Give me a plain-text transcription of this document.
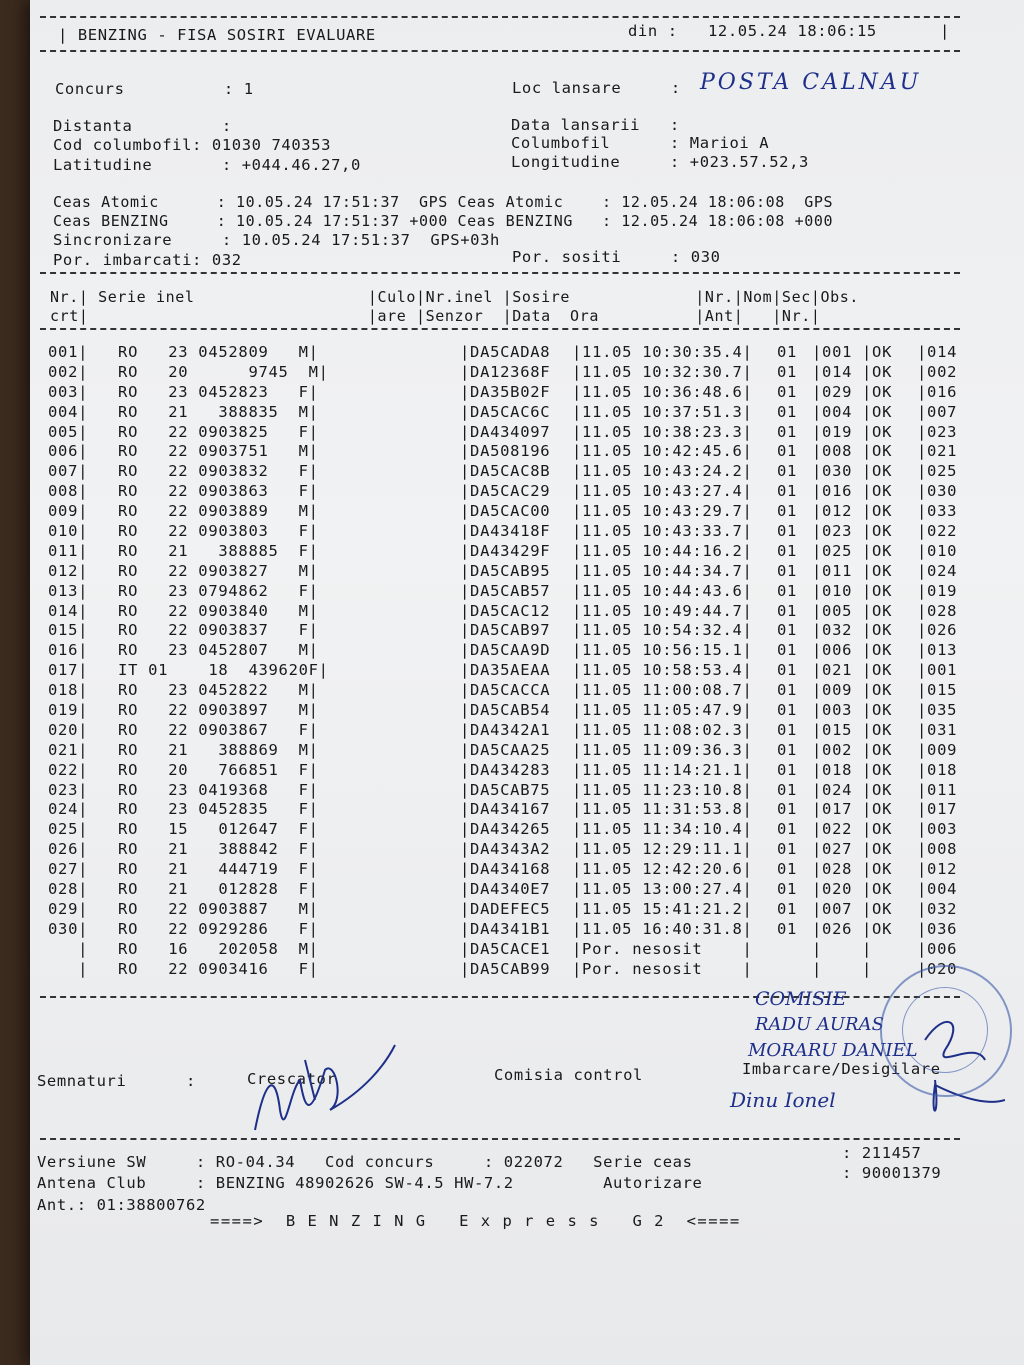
| BENZING - FISA SOSIRI EVALUARE	din : 12.05.24 18:06:15	|
Concurs          : 1	Loc lansare     : POSTA CALNAU
Distanta         :	Data lansarii   :
Cod columbofil: 01030 740353	Columbofil      : Marioi A
Latitudine       : +044.46.27,0	Longitudine     : +023.57.52,3
Ceas Atomic      : 10.05.24 17:51:37  GPS Ceas Atomic    : 12.05.24 18:06:08  GPS
Ceas BENZING     : 10.05.24 17:51:37 +000 Ceas BENZING   : 12.05.24 18:06:08 +000
Sincronizare     : 10.05.24 17:51:37  GPS+03h
Por. imbarcati: 032	Por. sositi     : 030
Nr.| Serie inel                  |Culo|Nr.inel |Sosire             |Nr.|Nom|Sec|Obs.
crt|                             |are |Senzor  |Data  Ora          |Ant|   |Nr.|
001| RO   23 0452809   M|	|DA5CADA8 |11.05 10:30:35.4| 01 |001 |OK |014
002| RO   20      9745  M|	|DA12368F |11.05 10:32:30.7| 01 |014 |OK |002
003| RO   23 0452823   F|	|DA35B02F |11.05 10:36:48.6| 01 |029 |OK |016
004| RO   21   388835  M|	|DA5CAC6C |11.05 10:37:51.3| 01 |004 |OK |007
005| RO   22 0903825   F|	|DA434097 |11.05 10:38:23.3| 01 |019 |OK |023
006| RO   22 0903751   M|	|DA508196 |11.05 10:42:45.6| 01 |008 |OK |021
007| RO   22 0903832   F|	|DA5CAC8B |11.05 10:43:24.2| 01 |030 |OK |025
008| RO   22 0903863   F|	|DA5CAC29 |11.05 10:43:27.4| 01 |016 |OK |030
009| RO   22 0903889   M|	|DA5CAC00 |11.05 10:43:29.7| 01 |012 |OK |033
010| RO   22 0903803   F|	|DA43418F |11.05 10:43:33.7| 01 |023 |OK |022
011| RO   21   388885  F|	|DA43429F |11.05 10:44:16.2| 01 |025 |OK |010
012| RO   22 0903827   M|	|DA5CAB95 |11.05 10:44:34.7| 01 |011 |OK |024
013| RO   23 0794862   F|	|DA5CAB57 |11.05 10:44:43.6| 01 |010 |OK |019
014| RO   22 0903840   M|	|DA5CAC12 |11.05 10:49:44.7| 01 |005 |OK |028
015| RO   22 0903837   F|	|DA5CAB97 |11.05 10:54:32.4| 01 |032 |OK |026
016| RO   23 0452807   M|	|DA5CAA9D |11.05 10:56:15.1| 01 |006 |OK |013
017| IT 01    18  439620F|	|DA35AEAA |11.05 10:58:53.4| 01 |021 |OK |001
018| RO   23 0452822   M|	|DA5CACCA |11.05 11:00:08.7| 01 |009 |OK |015
019| RO   22 0903897   M|	|DA5CAB54 |11.05 11:05:47.9| 01 |003 |OK |035
020| RO   22 0903867   F|	|DA4342A1 |11.05 11:08:02.3| 01 |015 |OK |031
021| RO   21   388869  M|	|DA5CAA25 |11.05 11:09:36.3| 01 |002 |OK |009
022| RO   20   766851  F|	|DA434283 |11.05 11:14:21.1| 01 |018 |OK |018
023| RO   23 0419368   F|	|DA5CAB75 |11.05 11:23:10.8| 01 |024 |OK |011
024| RO   23 0452835   F|	|DA434167 |11.05 11:31:53.8| 01 |017 |OK |017
025| RO   15   012647  F|	|DA434265 |11.05 11:34:10.4| 01 |022 |OK |003
026| RO   21   388842  F|	|DA4343A2 |11.05 12:29:11.1| 01 |027 |OK |008
027| RO   21   444719  F|	|DA434168 |11.05 12:42:20.6| 01 |028 |OK |012
028| RO   21   012828  F|	|DA4340E7 |11.05 13:00:27.4| 01 |020 |OK |004
029| RO   22 0903887   M|	|DADEFEC5 |11.05 15:41:21.2| 01 |007 |OK |032
030| RO   22 0929286   F|	|DA4341B1 |11.05 16:40:31.8| 01 |026 |OK |036
| RO   16   202058  M|	|DA5CACE1 |Por. nesosit    |	|   |  |006
| RO   22 0903416   F|	|DA5CAB99 |Por. nesosit    |	|   |  |020
Semnaturi      :	Crescator	Comisia control	Imbarcare/Desigilare
COMISIE
RADU AURAS
MORARU DANIEL
Dinu Ionel
Versiune SW     : RO-04.34   Cod concurs     : 022072   Serie ceas	: 211457
Antena Club     : BENZING 48902626 SW-4.5 HW-7.2         Autorizare
: 90001379
Ant.: 01:38800762
====>  B E N Z I N G   E x p r e s s   G 2  <====
